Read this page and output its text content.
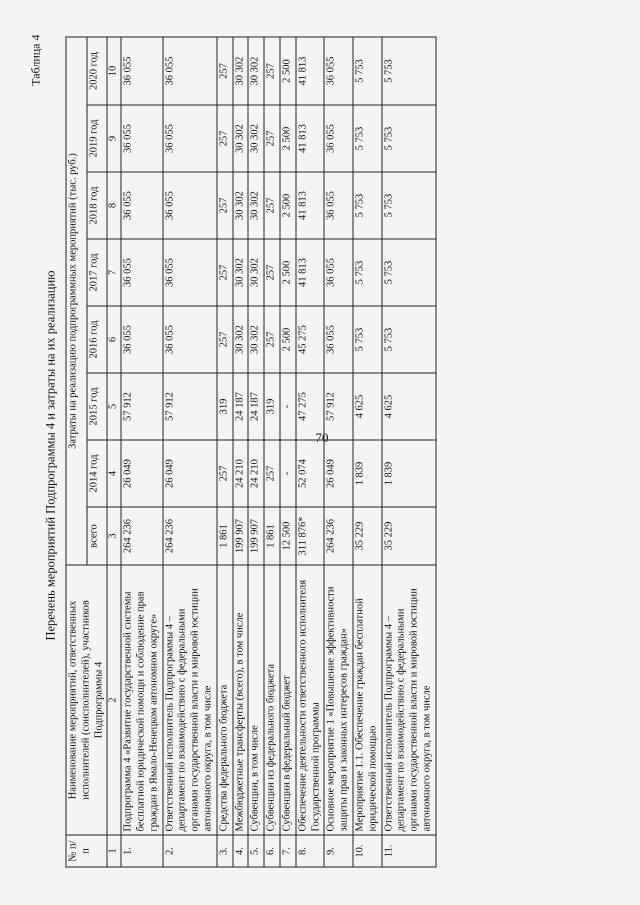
70
Таблица 4
Перечень мероприятий Подпрограммы 4 и затраты на их реализацию
№ п/п	Наименование мероприятий, ответственных исполнителей (соисполнителей), участников Подпрограммы 4	Затраты на реализацию подпрограммных мероприятий (тыс. руб.)							
		всего	2014 год	2015 год	2016 год	2017 год	2018 год	2019 год	2020 год
1	2	3	4	5	6	7	8	9	10
1.	Подпрограмма 4 «Развитие государственной системы бесплатной юридической помощи и соблюдение прав граждан в Ямало-Ненецком автономном округе»	264 236	26 049	57 912	36 055	36 055	36 055	36 055	36 055
2.	Ответственный исполнитель Подпрограммы 4 – департамент по взаимодействию с федеральными органами государственной власти и мировой юстиции автономного округа, в том числе	264 236	26 049	57 912	36 055	36 055	36 055	36 055	36 055
3.	Средства федерального бюджета	1 861	257	319	257	257	257	257	257
4.	Межбюджетные трансферты (всего), в том числе	199 907	24 210	24 187	30 302	30 302	30 302	30 302	30 302
5.	Субвенции, в том числе	199 907	24 210	24 187	30 302	30 302	30 302	30 302	30 302
6.	Субвенции из федерального бюджета	1 861	257	319	257	257	257	257	257
7.	Субвенции в федеральный бюджет	12 500	-	-	2 500	2 500	2 500	2 500	2 500
8.	Обеспечение деятельности ответственного исполнителя Государственной программы	311 876*	52 074	47 275	45 275	41 813	41 813	41 813	41 813
9.	Основное мероприятие 1 «Повышение эффективности защиты прав и законных интересов граждан»	264 236	26 049	57 912	36 055	36 055	36 055	36 055	36 055
10.	Мероприятие 1.1. Обеспечение граждан бесплатной юридической помощью	35 229	1 839	4 625	5 753	5 753	5 753	5 753	5 753
11.	Ответственный исполнитель Подпрограммы 4 – департамент по взаимодействию с федеральными органами государственной власти и мировой юстиции автономного округа, в том числе	35 229	1 839	4 625	5 753	5 753	5 753	5 753	5 753
